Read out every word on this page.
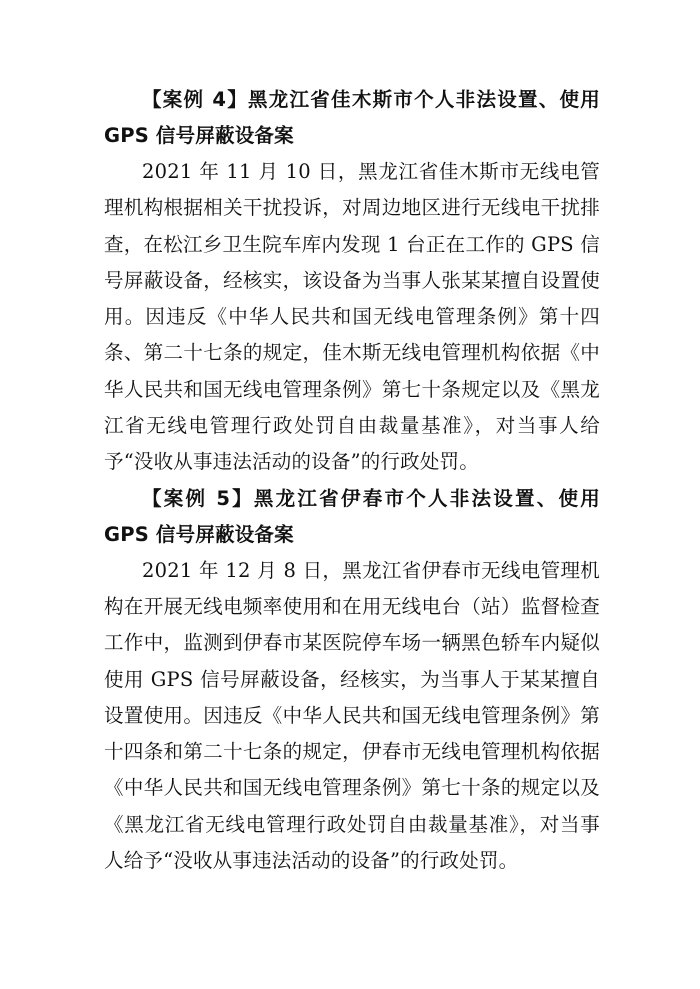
【案例 4】黑龙江省佳木斯市个人非法设置、使用 GPS 信号屏蔽设备案

2021 年 11 月 10 日，黑龙江省佳木斯市无线电管理机构根据相关干扰投诉，对周边地区进行无线电干扰排查，在松江乡卫生院车库内发现 1 台正在工作的 GPS 信号屏蔽设备，经核实，该设备为当事人张某某擅自设置使用。因违反《中华人民共和国无线电管理条例》第十四条、第二十七条的规定，佳木斯无线电管理机构依据《中华人民共和国无线电管理条例》第七十条规定以及《黑龙江省无线电管理行政处罚自由裁量基准》，对当事人给予“没收从事违法活动的设备”的行政处罚。

【案例 5】黑龙江省伊春市个人非法设置、使用 GPS 信号屏蔽设备案

2021 年 12 月 8 日，黑龙江省伊春市无线电管理机构在开展无线电频率使用和在用无线电台（站）监督检查工作中，监测到伊春市某医院停车场一辆黑色轿车内疑似使用 GPS 信号屏蔽设备，经核实，为当事人于某某擅自设置使用。因违反《中华人民共和国无线电管理条例》第十四条和第二十七条的规定，伊春市无线电管理机构依据《中华人民共和国无线电管理条例》第七十条的规定以及《黑龙江省无线电管理行政处罚自由裁量基准》，对当事人给予“没收从事违法活动的设备”的行政处罚。
